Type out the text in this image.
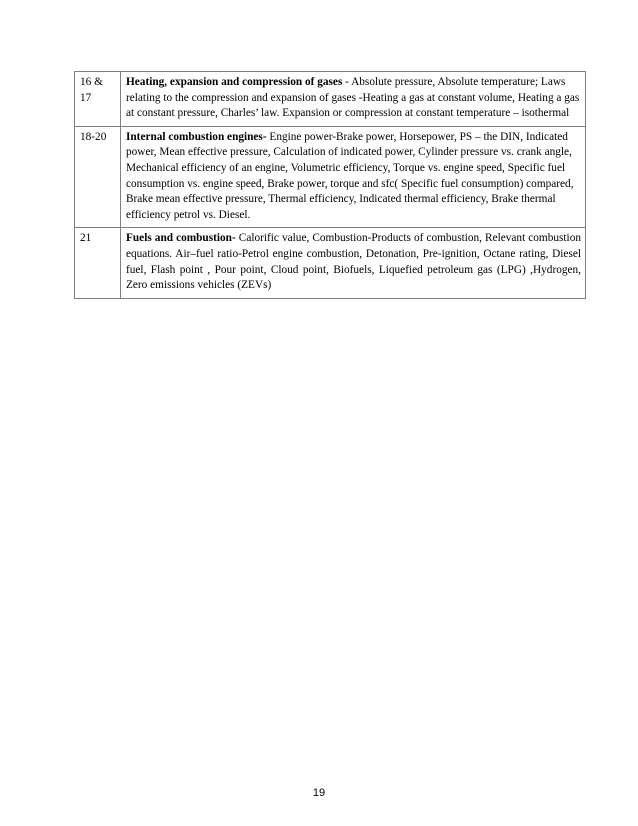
16 & 17	Heating, expansion and compression of gases - Absolute pressure, Absolute temperature; Laws relating to the compression and expansion of gases -Heating a gas at constant volume, Heating a gas at constant pressure, Charles’ law. Expansion or compression at constant temperature – isothermal
18-20	Internal combustion engines- Engine power-Brake power, Horsepower, PS – the DIN, Indicated power, Mean effective pressure, Calculation of indicated power, Cylinder pressure vs. crank angle, Mechanical efficiency of an engine, Volumetric efficiency, Torque vs. engine speed, Specific fuel consumption vs. engine speed, Brake power, torque and sfc( Specific fuel consumption) compared, Brake mean effective pressure, Thermal efficiency, Indicated thermal efficiency, Brake thermal efficiency petrol vs. Diesel.
21	Fuels and combustion- Calorific value, Combustion-Products of combustion, Relevant combustion equations. Air–fuel ratio-Petrol engine combustion, Detonation, Pre-ignition, Octane rating, Diesel fuel, Flash point , Pour point, Cloud point, Biofuels, Liquefied petroleum gas (LPG) ,Hydrogen, Zero emissions vehicles (ZEVs)
19
